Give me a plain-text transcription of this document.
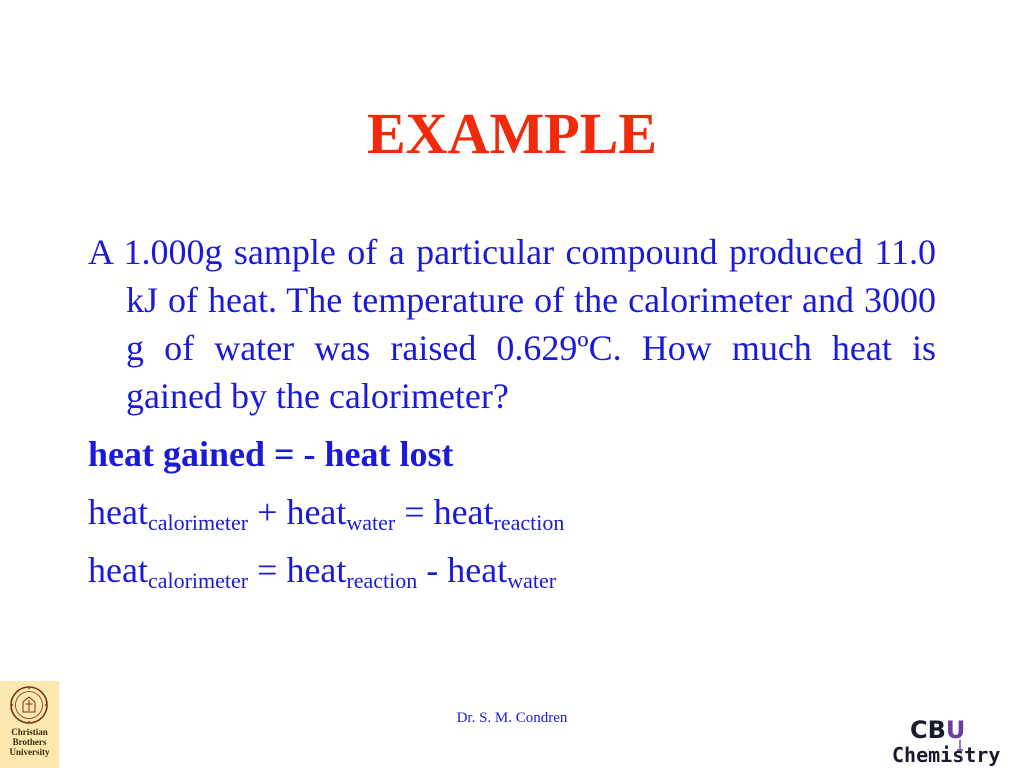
EXAMPLE

A 1.000g sample of a particular compound produced 11.0 kJ of heat. The temperature of the calorimeter and 3000 g of water was raised 0.629ºC. How much heat is gained by the calorimeter?

heat gained = - heat lost

heat$_{calorimeter}$ + heat$_{water}$ = heat$_{reaction}$

heat$_{calorimeter}$ = heat$_{reaction}$ - heat$_{water}$

Christian
Brothers
University
Dr. S. M. Condren	CBU
Chemistry
